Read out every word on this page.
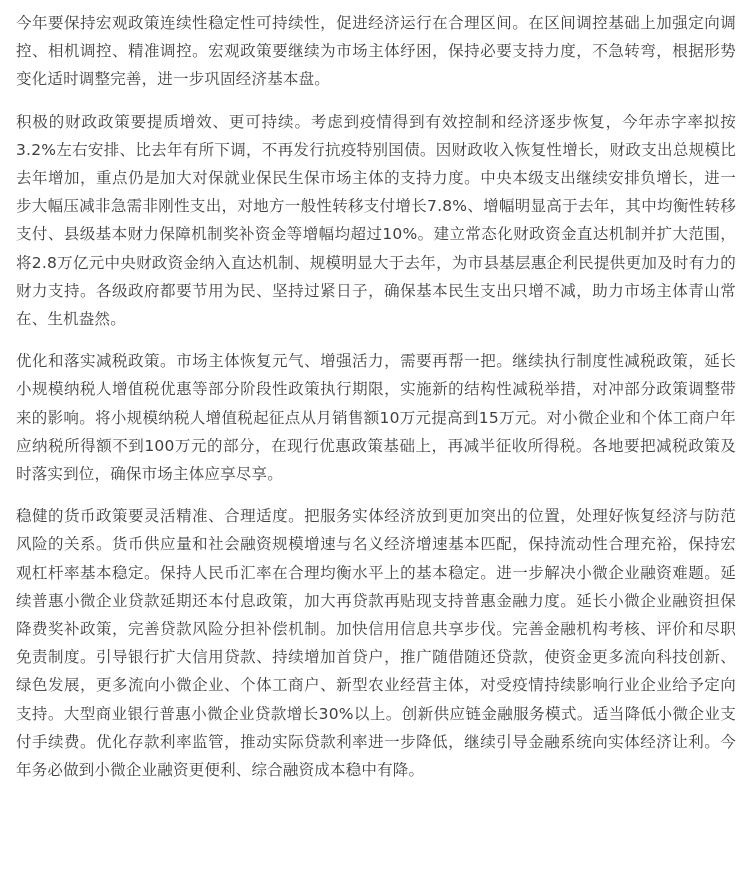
今年要保持宏观政策连续性稳定性可持续性，促进经济运行在合理区间。在区间调控基础上加强定向调控、相机调控、精准调控。宏观政策要继续为市场主体纾困，保持必要支持力度，不急转弯，根据形势变化适时调整完善，进一步巩固经济基本盘。

积极的财政政策要提质增效、更可持续。考虑到疫情得到有效控制和经济逐步恢复，今年赤字率拟按3.2%左右安排、比去年有所下调，不再发行抗疫特别国债。因财政收入恢复性增长，财政支出总规模比去年增加，重点仍是加大对保就业保民生保市场主体的支持力度。中央本级支出继续安排负增长，进一步大幅压减非急需非刚性支出，对地方一般性转移支付增长7.8%、增幅明显高于去年，其中均衡性转移支付、县级基本财力保障机制奖补资金等增幅均超过10%。建立常态化财政资金直达机制并扩大范围，将2.8万亿元中央财政资金纳入直达机制、规模明显大于去年，为市县基层惠企利民提供更加及时有力的财力支持。各级政府都要节用为民、坚持过紧日子，确保基本民生支出只增不减，助力市场主体青山常在、生机盎然。

优化和落实减税政策。市场主体恢复元气、增强活力，需要再帮一把。继续执行制度性减税政策，延长小规模纳税人增值税优惠等部分阶段性政策执行期限，实施新的结构性减税举措，对冲部分政策调整带来的影响。将小规模纳税人增值税起征点从月销售额10万元提高到15万元。对小微企业和个体工商户年应纳税所得额不到100万元的部分，在现行优惠政策基础上，再减半征收所得税。各地要把减税政策及时落实到位，确保市场主体应享尽享。

稳健的货币政策要灵活精准、合理适度。把服务实体经济放到更加突出的位置，处理好恢复经济与防范风险的关系。货币供应量和社会融资规模增速与名义经济增速基本匹配，保持流动性合理充裕，保持宏观杠杆率基本稳定。保持人民币汇率在合理均衡水平上的基本稳定。进一步解决小微企业融资难题。延续普惠小微企业贷款延期还本付息政策，加大再贷款再贴现支持普惠金融力度。延长小微企业融资担保降费奖补政策，完善贷款风险分担补偿机制。加快信用信息共享步伐。完善金融机构考核、评价和尽职免责制度。引导银行扩大信用贷款、持续增加首贷户，推广随借随还贷款，使资金更多流向科技创新、绿色发展，更多流向小微企业、个体工商户、新型农业经营主体，对受疫情持续影响行业企业给予定向支持。大型商业银行普惠小微企业贷款增长30%以上。创新供应链金融服务模式。适当降低小微企业支付手续费。优化存款利率监管，推动实际贷款利率进一步降低，继续引导金融系统向实体经济让利。今年务必做到小微企业融资更便利、综合融资成本稳中有降。
